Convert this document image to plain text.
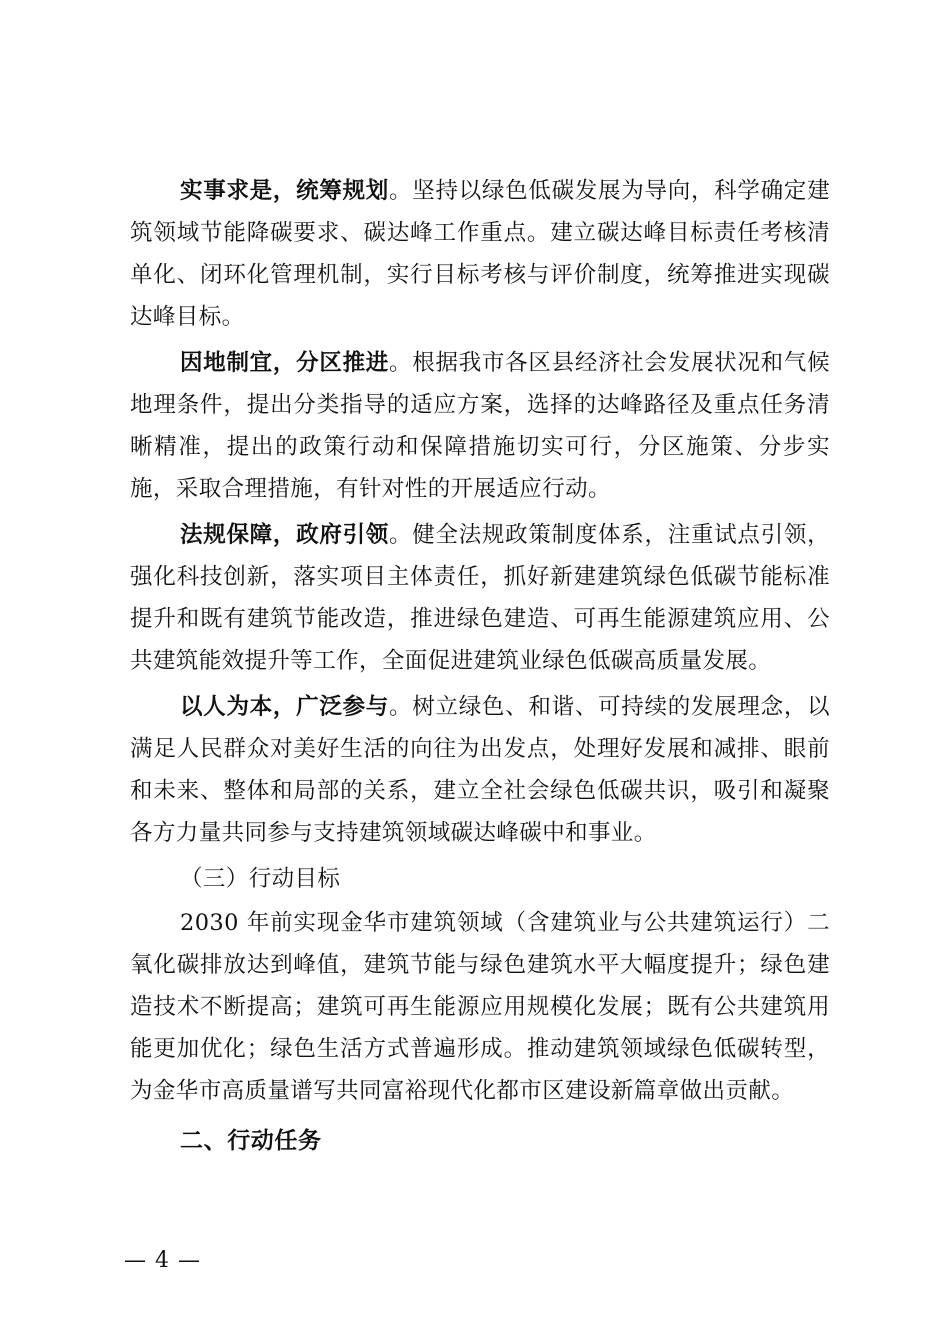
实事求是，统筹规划。坚持以绿色低碳发展为导向，科学确定建筑领域节能降碳要求、碳达峰工作重点。建立碳达峰目标责任考核清单化、闭环化管理机制，实行目标考核与评价制度，统筹推进实现碳达峰目标。

因地制宜，分区推进。根据我市各区县经济社会发展状况和气候地理条件，提出分类指导的适应方案，选择的达峰路径及重点任务清晰精准，提出的政策行动和保障措施切实可行，分区施策、分步实施，采取合理措施，有针对性的开展适应行动。

法规保障，政府引领。健全法规政策制度体系，注重试点引领，强化科技创新，落实项目主体责任，抓好新建建筑绿色低碳节能标准提升和既有建筑节能改造，推进绿色建造、可再生能源建筑应用、公共建筑能效提升等工作，全面促进建筑业绿色低碳高质量发展。

以人为本，广泛参与。树立绿色、和谐、可持续的发展理念，以满足人民群众对美好生活的向往为出发点，处理好发展和减排、眼前和未来、整体和局部的关系，建立全社会绿色低碳共识，吸引和凝聚各方力量共同参与支持建筑领域碳达峰碳中和事业。

（三）行动目标

2030 年前实现金华市建筑领域（含建筑业与公共建筑运行）二氧化碳排放达到峰值，建筑节能与绿色建筑水平大幅度提升；绿色建造技术不断提高；建筑可再生能源应用规模化发展；既有公共建筑用能更加优化；绿色生活方式普遍形成。推动建筑领域绿色低碳转型，为金华市高质量谱写共同富裕现代化都市区建设新篇章做出贡献。

二、行动任务

— 4 —
